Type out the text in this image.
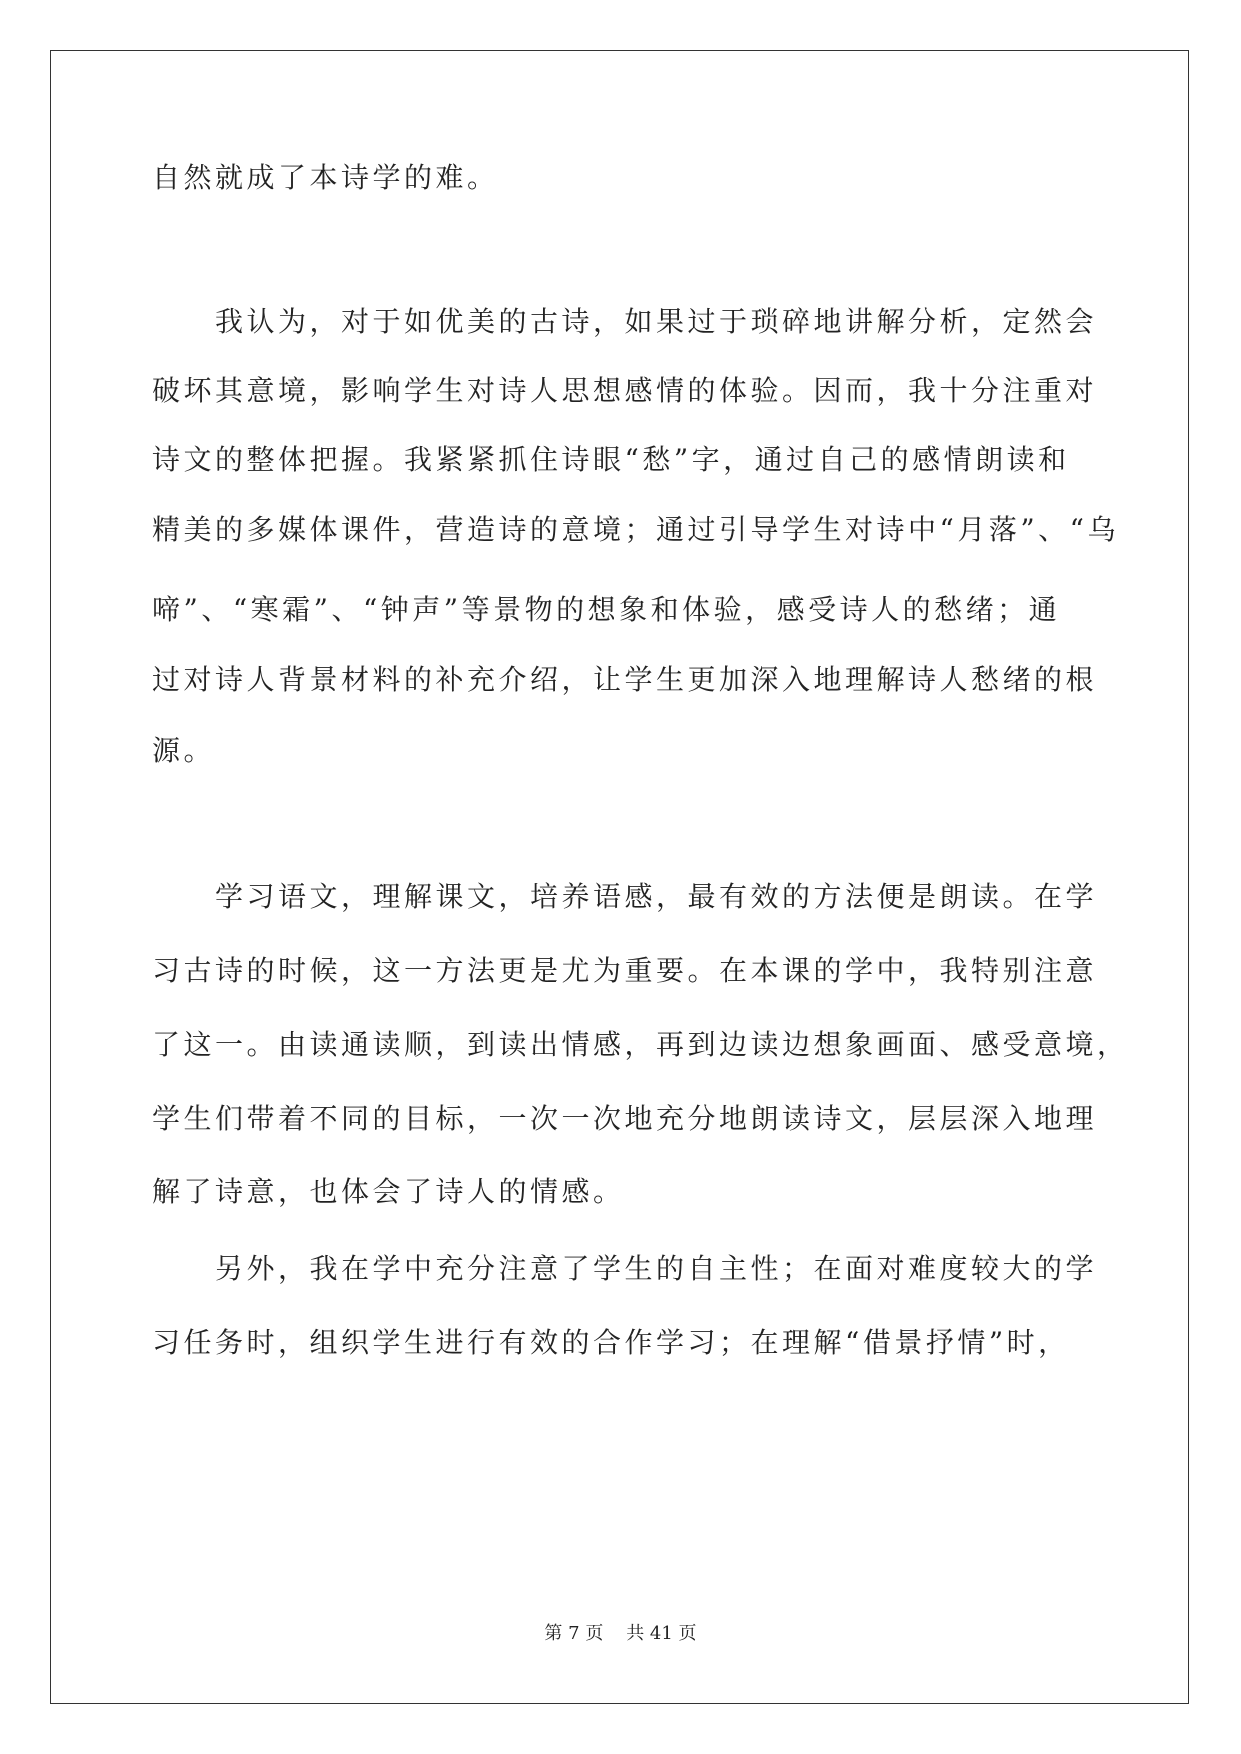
自然就成了本诗学的难。
我认为，对于如优美的古诗，如果过于琐碎地讲解分析，定然会
破坏其意境，影响学生对诗人思想感情的体验。因而，我十分注重对
诗文的整体把握。我紧紧抓住诗眼“愁”字，通过自己的感情朗读和
精美的多媒体课件，营造诗的意境；通过引导学生对诗中“月落”、“乌
啼”、“寒霜”、“钟声”等景物的想象和体验，感受诗人的愁绪；通
过对诗人背景材料的补充介绍，让学生更加深入地理解诗人愁绪的根
源。
学习语文，理解课文，培养语感，最有效的方法便是朗读。在学
习古诗的时候，这一方法更是尤为重要。在本课的学中，我特别注意
了这一。由读通读顺，到读出情感，再到边读边想象画面、感受意境，
学生们带着不同的目标，一次一次地充分地朗读诗文，层层深入地理
解了诗意，也体会了诗人的情感。
另外，我在学中充分注意了学生的自主性；在面对难度较大的学
习任务时，组织学生进行有效的合作学习；在理解“借景抒情”时，
第 7 页    共 41 页
